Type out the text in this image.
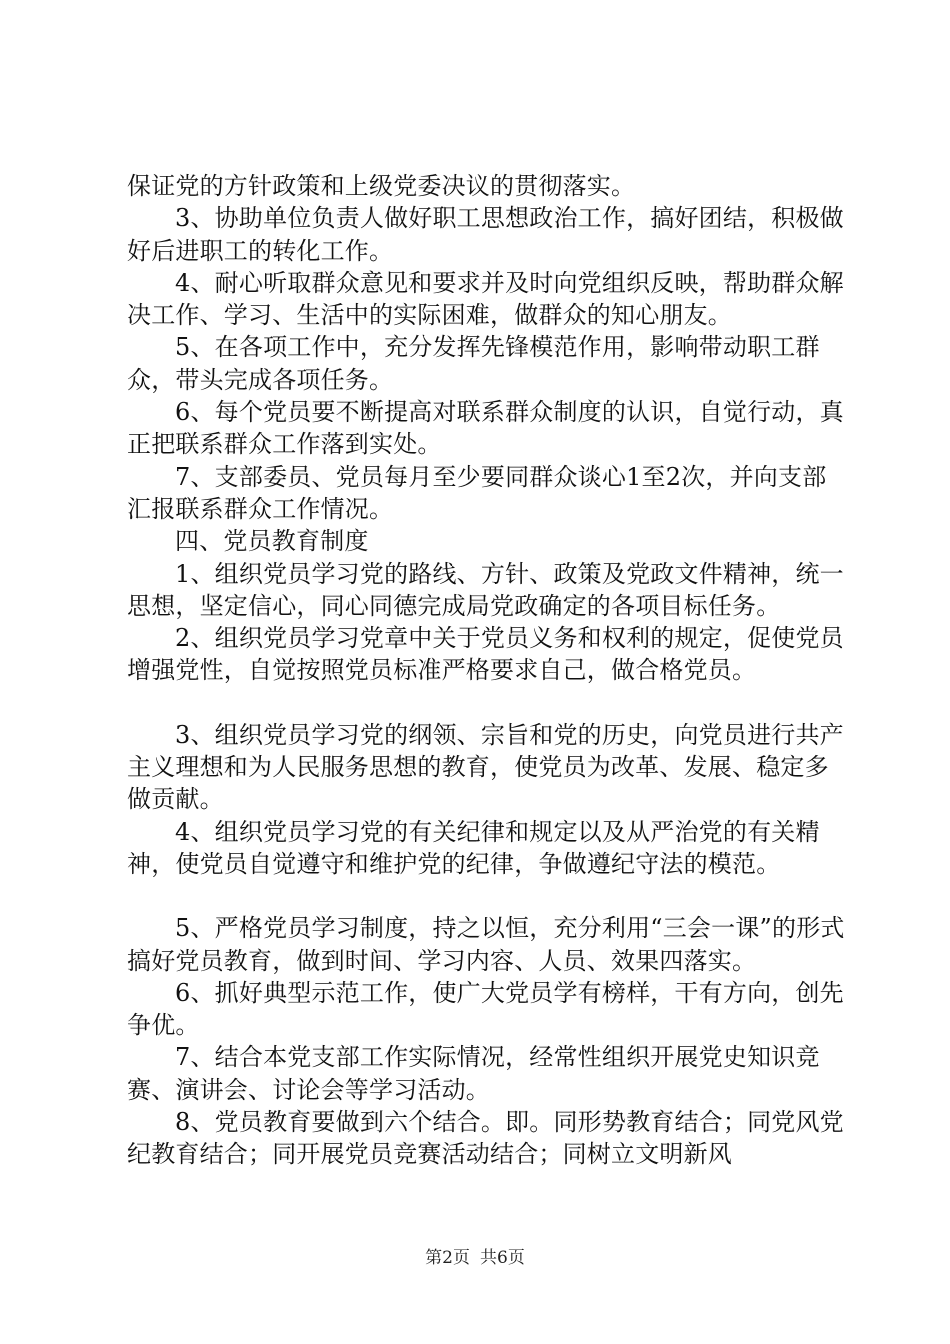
保证党的方针政策和上级党委决议的贯彻落实。

3、协助单位负责人做好职工思想政治工作，搞好团结，积极做好后进职工的转化工作。

4、耐心听取群众意见和要求并及时向党组织反映，帮助群众解决工作、学习、生活中的实际困难，做群众的知心朋友。

5、在各项工作中，充分发挥先锋模范作用，影响带动职工群众，带头完成各项任务。

6、每个党员要不断提高对联系群众制度的认识，自觉行动，真正把联系群众工作落到实处。

7、支部委员、党员每月至少要同群众谈心1至2次，并向支部汇报联系群众工作情况。

四、党员教育制度

1、组织党员学习党的路线、方针、政策及党政文件精神，统一思想，坚定信心，同心同德完成局党政确定的各项目标任务。

2、组织党员学习党章中关于党员义务和权利的规定，促使党员增强党性，自觉按照党员标准严格要求自己，做合格党员。

3、组织党员学习党的纲领、宗旨和党的历史，向党员进行共产主义理想和为人民服务思想的教育，使党员为改革、发展、稳定多做贡献。

4、组织党员学习党的有关纪律和规定以及从严治党的有关精神，使党员自觉遵守和维护党的纪律，争做遵纪守法的模范。

5、严格党员学习制度，持之以恒，充分利用“三会一课”的形式搞好党员教育，做到时间、学习内容、人员、效果四落实。

6、抓好典型示范工作，使广大党员学有榜样，干有方向，创先争优。

7、结合本党支部工作实际情况，经常性组织开展党史知识竞赛、演讲会、讨论会等学习活动。

8、党员教育要做到六个结合。即。同形势教育结合；同党风党纪教育结合；同开展党员竞赛活动结合；同树立文明新风

第2页 共6页
